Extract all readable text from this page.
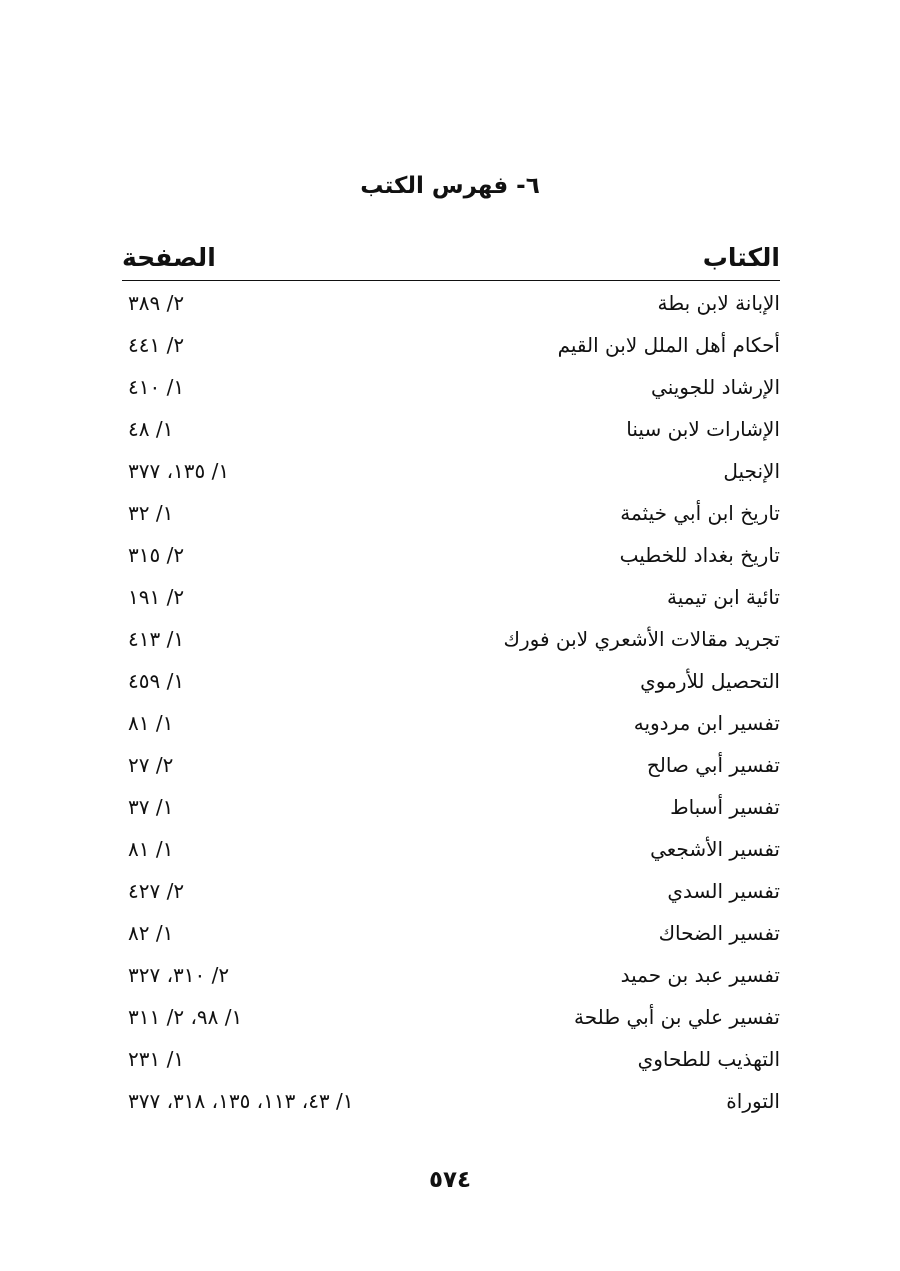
٦- فهرس الكتب
الكتاب
الصفحة
الإبانة لابن بطة
٢/ ٣٨٩
أحكام أهل الملل لابن القيم
٢/ ٤٤١
الإرشاد للجويني
١/ ٤١٠
الإشارات لابن سينا
١/ ٤٨
الإنجيل
١/ ١٣٥، ٣٧٧
تاريخ ابن أبي خيثمة
١/ ٣٢
تاريخ بغداد للخطيب
٢/ ٣١٥
تائية ابن تيمية
٢/ ١٩١
تجريد مقالات الأشعري لابن فورك
١/ ٤١٣
التحصيل للأرموي
١/ ٤٥٩
تفسير ابن مردويه
١/ ٨١
تفسير أبي صالح
٢/ ٢٧
تفسير أسباط
١/ ٣٧
تفسير الأشجعي
١/ ٨١
تفسير السدي
٢/ ٤٢٧
تفسير الضحاك
١/ ٨٢
تفسير عبد بن حميد
٢/ ٣١٠، ٣٢٧
تفسير علي بن أبي طلحة
١/ ٩٨، ٢/ ٣١١
التهذيب للطحاوي
١/ ٢٣١
التوراة
١/ ٤٣، ١١٣، ١٣٥، ٣١٨، ٣٧٧
٥٧٤
